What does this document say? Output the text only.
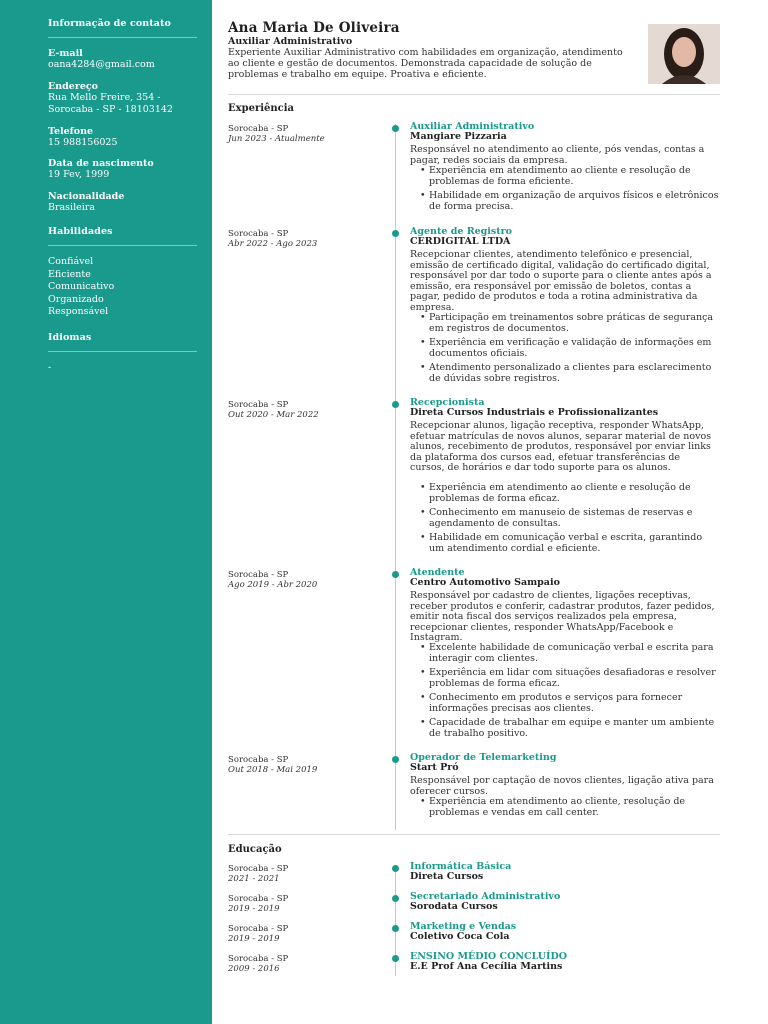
Informação de contato
E-mail
oana4284@gmail.com
Endereço
Rua Mello Freire, 354 -
Sorocaba - SP - 18103142
Telefone
15 988156025
Data de nascimento
19 Fev, 1999
Nacionalidade
Brasileira
Habilidades
Confiável
Eficiente
Comunicativo
Organizado
Responsável
Idiomas
-
Ana Maria De Oliveira
Auxiliar Administrativo
Experiente Auxiliar Administrativo com habilidades em organização, atendimento ao cliente e gestão de documentos. Demonstrada capacidade de solução de problemas e trabalho em equipe. Proativa e eficiente.
Experiência
Sorocaba - SP
Jun 2023 - Atualmente
Auxiliar Administrativo
Mangiare Pizzaria
Responsável no atendimento ao cliente, pós vendas, contas a pagar, redes sociais da empresa.
• Experiência em atendimento ao cliente e resolução de problemas de forma eficiente.
• Habilidade em organização de arquivos físicos e eletrônicos de forma precisa.
Sorocaba - SP
Abr 2022 - Ago 2023
Agente de Registro
CERDIGITAL LTDA
Recepcionar clientes, atendimento telefônico e presencial, emissão de certificado digital, validação do certificado digital, responsável por dar todo o suporte para o cliente antes após a emissão, era responsável por emissão de boletos, contas a pagar, pedido de produtos e toda a rotina administrativa da empresa.
• Participação em treinamentos sobre práticas de segurança em registros de documentos.
• Experiência em verificação e validação de informações em documentos oficiais.
• Atendimento personalizado a clientes para esclarecimento de dúvidas sobre registros.
Sorocaba - SP
Out 2020 - Mar 2022
Recepcionista
Direta Cursos Industriais e Profissionalizantes
Recepcionar alunos, ligação receptiva, responder WhatsApp, efetuar matrículas de novos alunos, separar material de novos alunos, recebimento de produtos, responsável por enviar links da plataforma dos cursos ead, efetuar transferências de cursos, de horários e dar todo suporte para os alunos.
• Experiência em atendimento ao cliente e resolução de problemas de forma eficaz.
• Conhecimento em manuseio de sistemas de reservas e agendamento de consultas.
• Habilidade em comunicação verbal e escrita, garantindo um atendimento cordial e eficiente.
Sorocaba - SP
Ago 2019 - Abr 2020
Atendente
Centro Automotivo Sampaio
Responsável por cadastro de clientes, ligações receptivas, receber produtos e conferir, cadastrar produtos, fazer pedidos, emitir nota fiscal dos serviços realizados pela empresa, recepcionar clientes, responder WhatsApp/Facebook e Instagram.
• Excelente habilidade de comunicação verbal e escrita para interagir com clientes.
• Experiência em lidar com situações desafiadoras e resolver problemas de forma eficaz.
• Conhecimento em produtos e serviços para fornecer informações precisas aos clientes.
• Capacidade de trabalhar em equipe e manter um ambiente de trabalho positivo.
Sorocaba - SP
Out 2018 - Mai 2019
Operador de Telemarketing
Start Pró
Responsável por captação de novos clientes, ligação ativa para oferecer cursos.
• Experiência em atendimento ao cliente, resolução de problemas e vendas em call center.
Educação
Sorocaba - SP
2021 - 2021
Informática Básica
Direta Cursos
Sorocaba - SP
2019 - 2019
Secretariado Administrativo
Sorodata Cursos
Sorocaba - SP
2019 - 2019
Marketing e Vendas
Coletivo Coca Cola
Sorocaba - SP
2009 - 2016
ENSINO MÉDIO CONCLUÍDO
E.E Prof Ana Cecília Martins
